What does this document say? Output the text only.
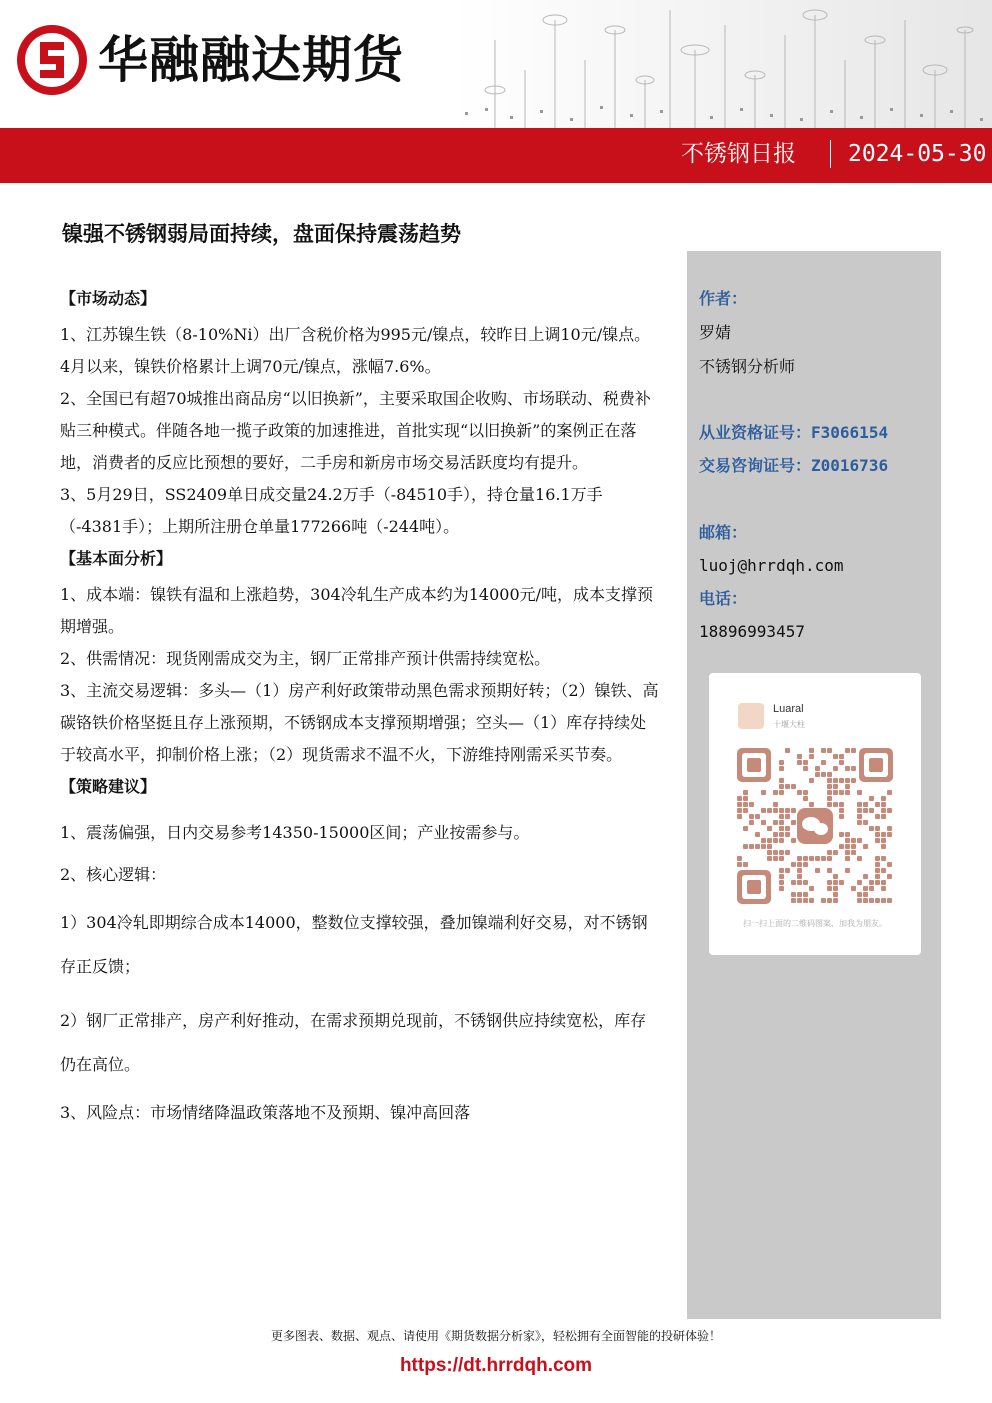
华融融达期货
不锈钢日报 2024-05-30
镍强不锈钢弱局面持续，盘面保持震荡趋势
【市场动态】

1、江苏镍生铁（8-10%Ni）出厂含税价格为995元/镍点，较昨日上调10元/镍点。4月以来，镍铁价格累计上调70元/镍点，涨幅7.6%。

2、全国已有超70城推出商品房“以旧换新”，主要采取国企收购、市场联动、税费补贴三种模式。伴随各地一揽子政策的加速推进，首批实现“以旧换新”的案例正在落地，消费者的反应比预想的要好，二手房和新房市场交易活跃度均有提升。

3、5月29日，SS2409单日成交量24.2万手（-84510手），持仓量16.1万手（-4381手）；上期所注册仓单量177266吨（-244吨）。

【基本面分析】

1、成本端：镍铁有温和上涨趋势，304冷轧生产成本约为14000元/吨，成本支撑预期增强。

2、供需情况：现货刚需成交为主，钢厂正常排产预计供需持续宽松。

3、主流交易逻辑：多头—（1）房产利好政策带动黑色需求预期好转；（2）镍铁、高碳铬铁价格坚挺且存上涨预期，不锈钢成本支撑预期增强；空头—（1）库存持续处于较高水平，抑制价格上涨；（2）现货需求不温不火，下游维持刚需采买节奏。

【策略建议】

1、震荡偏强，日内交易参考14350-15000区间；产业按需参与。

2、核心逻辑：

1）304冷轧即期综合成本14000，整数位支撑较强，叠加镍端利好交易，对不锈钢存正反馈；

2）钢厂正常排产，房产利好推动，在需求预期兑现前，不锈钢供应持续宽松，库存仍在高位。

3、风险点：市场情绪降温政策落地不及预期、镍冲高回落

作者：
罗婧
不锈钢分析师
从业资格证号：F3066154
交易咨询证号：Z0016736
邮箱：
luoj@hrrdqh.com
电话：
18896993457
Luaral
十堰大柱
扫一扫上面的二维码图案，加我为朋友。
更多图表、数据、观点、请使用《期货数据分析家》，轻松拥有全面智能的投研体验！
https://dt.hrrdqh.com
